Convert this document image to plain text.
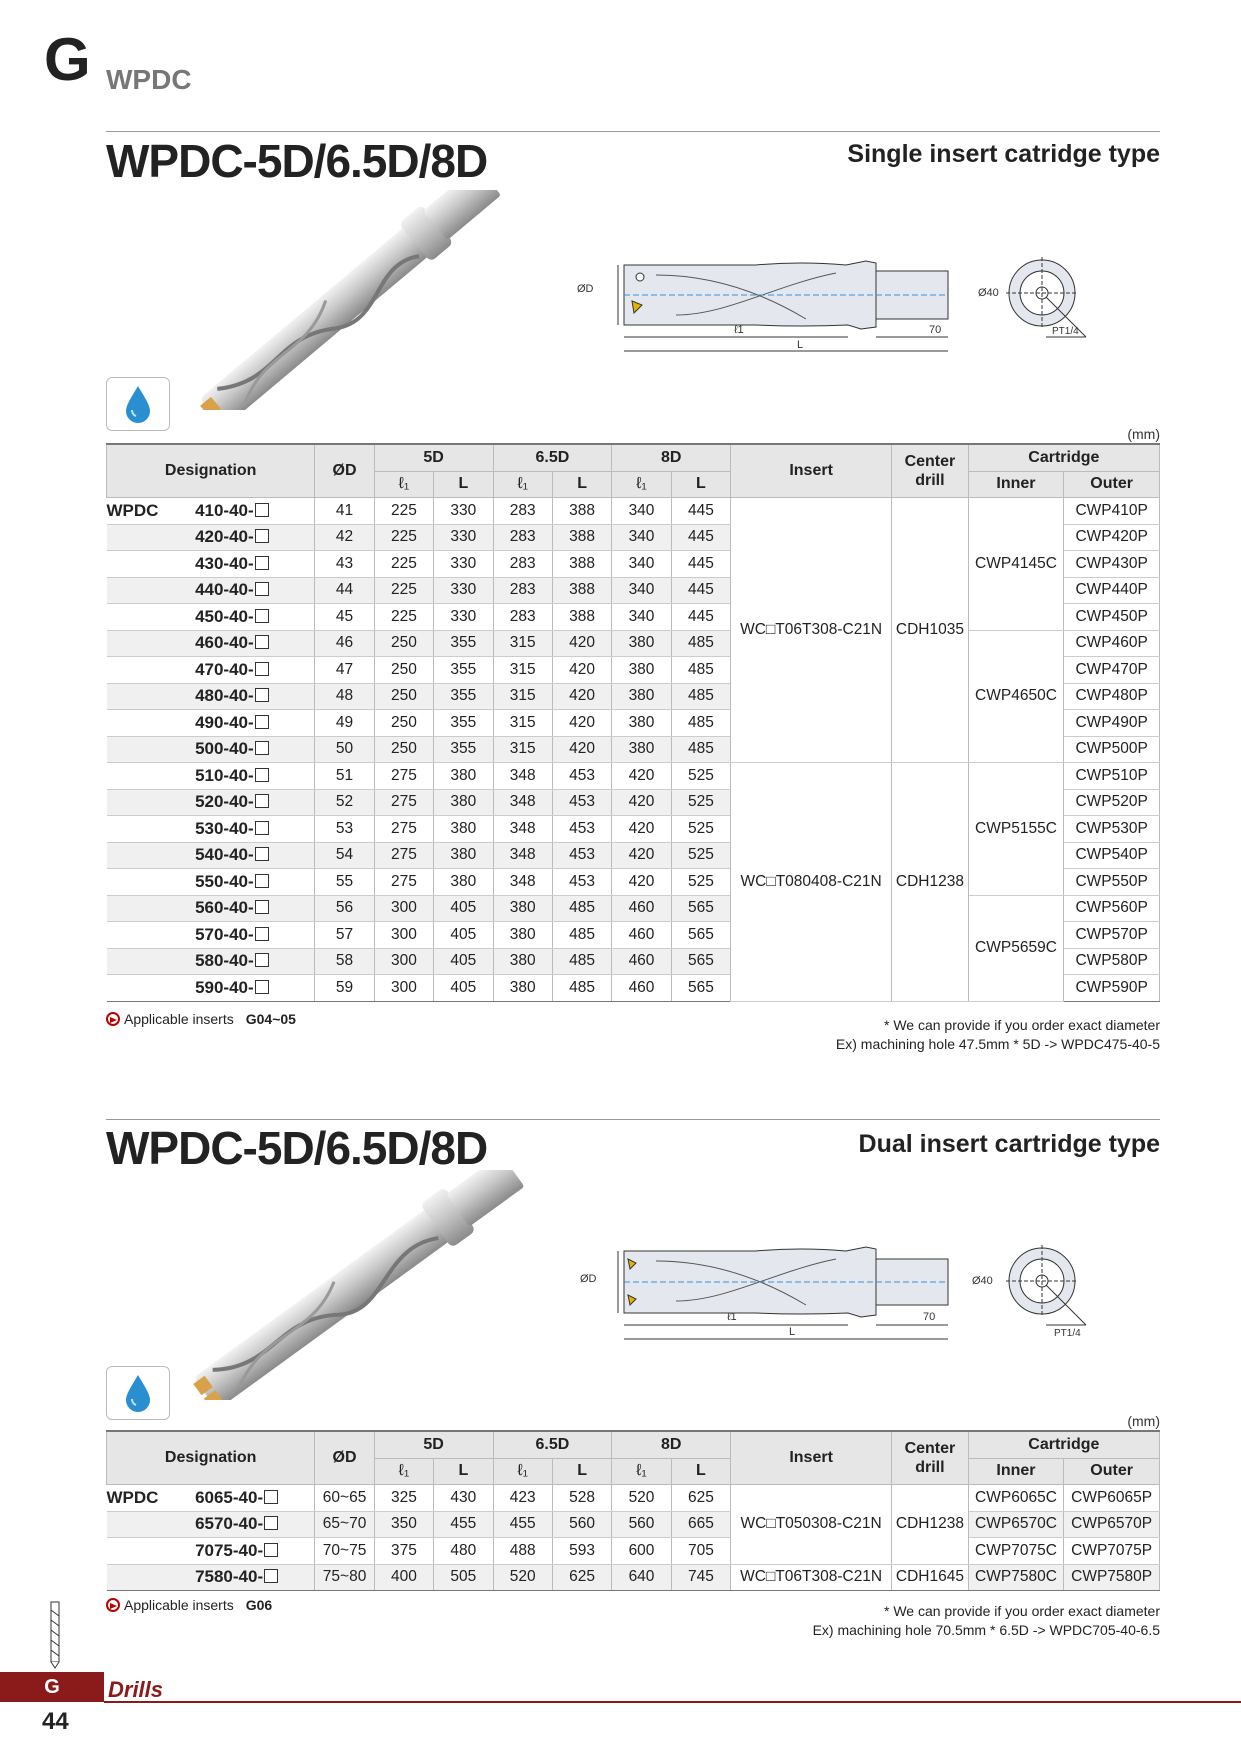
G WPDC
WPDC-5D/6.5D/8D	Single insert catridge type
ØD	Ø40
ℓ1	70
L
PT1/4
(mm)
Designation		ØD	5D		6.5D		8D		Insert	Center drill	Cartridge	
			ℓ₁	L	ℓ₁	L	ℓ₁	L			Inner	Outer
WPDC	410-40-	41	225	330	283	388	340	445	WC□T06T308-C21N	CDH1035	CWP4145C	CWP410P
	420-40-	42	225	330	283	388	340	445				CWP420P
	430-40-	43	225	330	283	388	340	445				CWP430P
	440-40-	44	225	330	283	388	340	445				CWP440P
	450-40-	45	225	330	283	388	340	445				CWP450P
	460-40-	46	250	355	315	420	380	485			CWP4650C	CWP460P
	470-40-	47	250	355	315	420	380	485				CWP470P
	480-40-	48	250	355	315	420	380	485				CWP480P
	490-40-	49	250	355	315	420	380	485				CWP490P
	500-40-	50	250	355	315	420	380	485				CWP500P
	510-40-	51	275	380	348	453	420	525	WC□T080408-C21N	CDH1238	CWP5155C	CWP510P
	520-40-	52	275	380	348	453	420	525				CWP520P
	530-40-	53	275	380	348	453	420	525				CWP530P
	540-40-	54	275	380	348	453	420	525				CWP540P
	550-40-	55	275	380	348	453	420	525				CWP550P
	560-40-	56	300	405	380	485	460	565			CWP5659C	CWP560P
	570-40-	57	300	405	380	485	460	565				CWP570P
	580-40-	58	300	405	380	485	460	565				CWP580P
	590-40-	59	300	405	380	485	460	565				CWP590P
Applicable inserts G04~05	* We can provide if you order exact diameter
Ex) machining hole 47.5mm * 5D -> WPDC475-40-5
WPDC-5D/6.5D/8D	Dual insert cartridge type
ØD	Ø40
ℓ1	70
L	PT1/4
(mm)
Designation		ØD	5D		6.5D		8D		Insert	Center drill	Cartridge	
			ℓ₁	L	ℓ₁	L	ℓ₁	L			Inner	Outer
WPDC	6065-40-	60~65	325	430	423	528	520	625	WC□T050308-C21N	CDH1238	CWP6065C	CWP6065P
	6570-40-	65~70	350	455	455	560	560	665			CWP6570C	CWP6570P
	7075-40-	70~75	375	480	488	593	600	705			CWP7075C	CWP7075P
	7580-40-	75~80	400	505	520	625	640	745	WC□T06T308-C21N	CDH1645	CWP7580C	CWP7580P
Applicable inserts G06	* We can provide if you order exact diameter
Ex) machining hole 70.5mm * 6.5D -> WPDC705-40-6.5
G	Drills
44
